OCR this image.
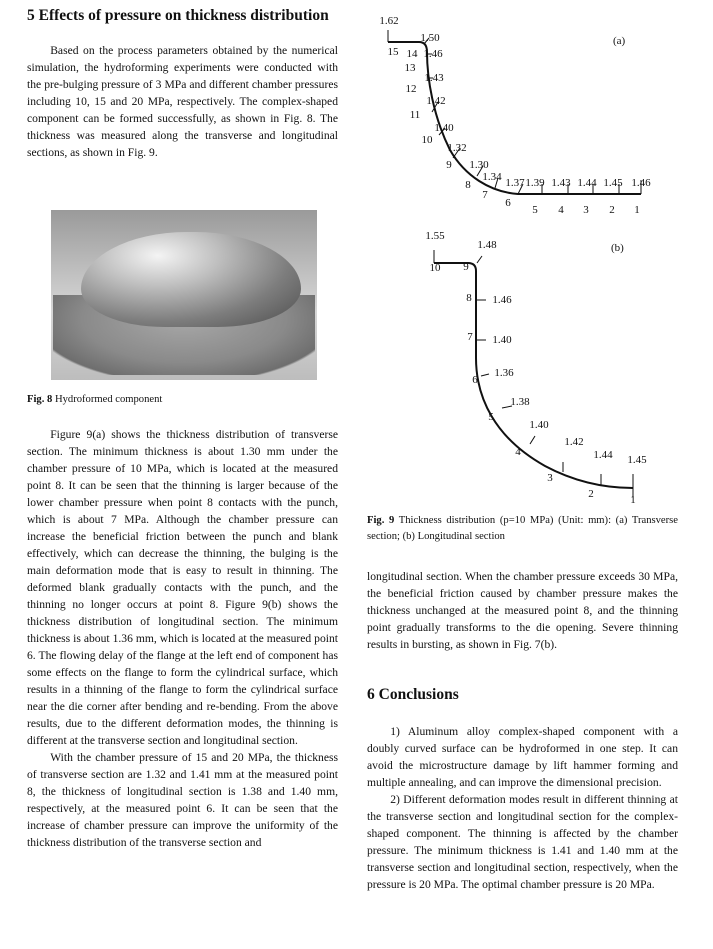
5 Effects of pressure on thickness distribution

Based on the process parameters obtained by the numerical simulation, the hydroforming experiments were conducted with the pre-bulging pressure of 3 MPa and different chamber pressures including 10, 15 and 20 MPa, respectively. The complex-shaped component can be formed successfully, as shown in Fig. 8. The thickness was measured along the transverse and longitudinal sections, as shown in Fig. 9.

Fig. 8 Hydroformed component

Figure 9(a) shows the thickness distribution of transverse section. The minimum thickness is about 1.30 mm under the chamber pressure of 10 MPa, which is located at the measured point 8. It can be seen that the thinning is larger because of the lower chamber pressure when point 8 contacts with the punch, which is about 7 MPa. Although the chamber pressure can increase the beneficial friction between the punch and blank effectively, which can decrease the thinning, the bulging is the main deformation mode that is easy to result in thinning. The deformed blank gradually contacts with the punch, and the thinning no longer occurs at point 8. Figure 9(b) shows the thickness distribution of longitudinal section. The minimum thickness is about 1.36 mm, which is located at the measured point 6. The flowing delay of the flange at the left end of component has some effects on the flange to form the cylindrical surface, which results in a thinning of the flange to form the cylindrical surface near the die corner after bending and re-bending. From the above results, due to the different deformation modes, the thinning is different at the transverse section and longitudinal section.

With the chamber pressure of 15 and 20 MPa, the thickness of transverse section are 1.32 and 1.41 mm at the measured point 8, the thickness of longitudinal section is 1.38 and 1.40 mm, respectively, at the measured point 6. It can be seen that the increase of chamber pressure can improve the uniformity of the thickness distribution of the transverse section and

(a)
1
1.46
2
1.45
3
1.44
4
1.43
5
1.39
6
1.37
7
1.34
8
1.30
9
1.32
10
1.40
11
1.42
12
1.43
13
1.46
14
1.50
15
1.62
(b)
1
1.45
2
1.44
3
1.42
4
1.40
5
1.38
6
1.36
7 1.40
8 1.46
9
1.48
10
1.55
Fig. 9 Thickness distribution (p=10 MPa) (Unit: mm): (a) Transverse section; (b) Longitudinal section

longitudinal section. When the chamber pressure exceeds 30 MPa, the beneficial friction caused by chamber pressure makes the thickness unchanged at the measured point 8, and the thinning point gradually transforms to the die opening. Severe thinning results in bursting, as shown in Fig. 7(b).

6 Conclusions

1) Aluminum alloy complex-shaped component with a doubly curved surface can be hydroformed in one step. It can avoid the microstructure damage by lift hammer forming and multiple annealing, and can improve the dimensional precision.

2) Different deformation modes result in different thinning at the transverse section and longitudinal section for the complex-shaped component. The thinning is affected by the chamber pressure. The minimum thickness is 1.41 and 1.40 mm at the transverse section and longitudinal section, respectively, when the pressure is 20 MPa. The optimal chamber pressure is 20 MPa.
